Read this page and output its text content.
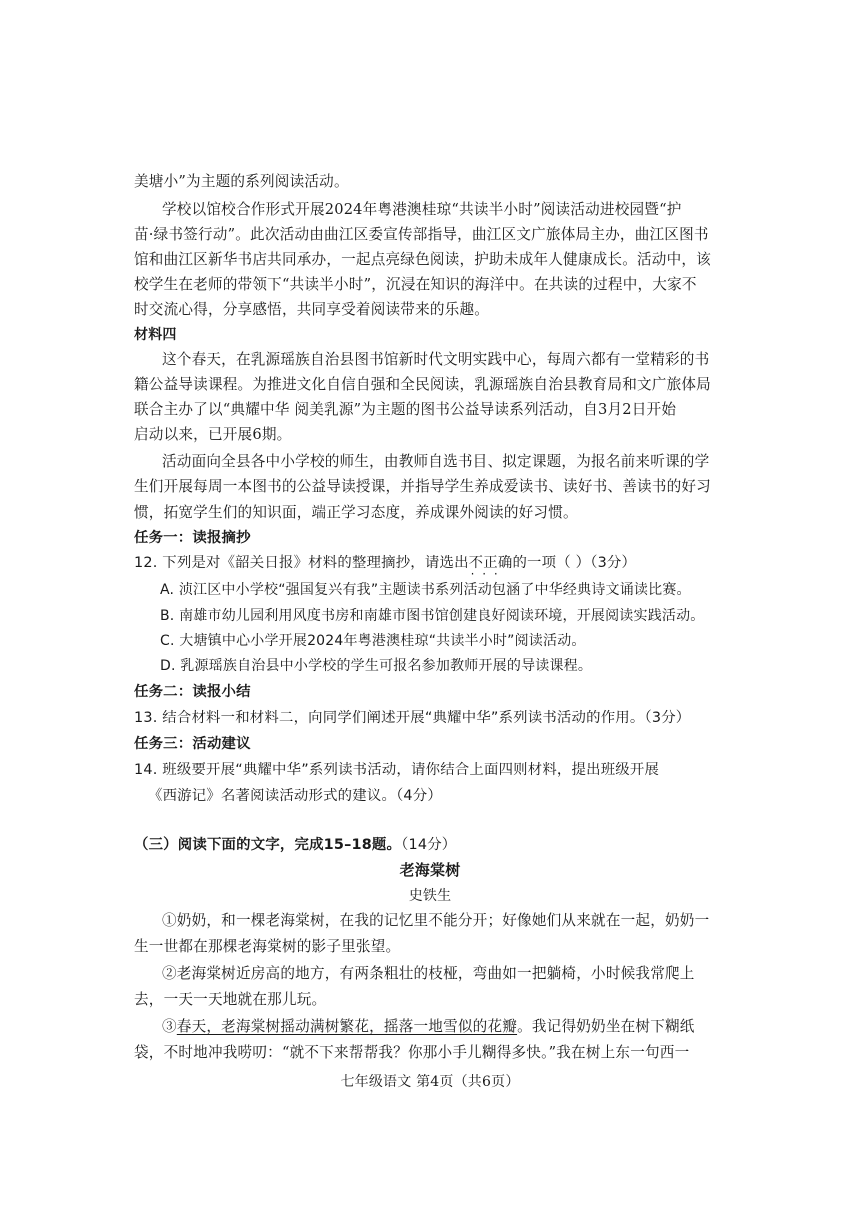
美塘小”为主题的系列阅读活动。
学校以馆校合作形式开展2024年粤港澳桂琼“共读半小时”阅读活动进校园暨“护
苗·绿书签行动”。此次活动由曲江区委宣传部指导，曲江区文广旅体局主办，曲江区图书
馆和曲江区新华书店共同承办，一起点亮绿色阅读，护助未成年人健康成长。活动中，该
校学生在老师的带领下“共读半小时”，沉浸在知识的海洋中。在共读的过程中，大家不
时交流心得，分享感悟，共同享受着阅读带来的乐趣。
材料四
这个春天，在乳源瑶族自治县图书馆新时代文明实践中心，每周六都有一堂精彩的书
籍公益导读课程。为推进文化自信自强和全民阅读，乳源瑶族自治县教育局和文广旅体局
联合主办了以“典耀中华 阅美乳源”为主题的图书公益导读系列活动，自3月2日开始
启动以来，已开展6期。
活动面向全县各中小学校的师生，由教师自选书目、拟定课题，为报名前来听课的学
生们开展每周一本图书的公益导读授课，并指导学生养成爱读书、读好书、善读书的好习
惯，拓宽学生们的知识面，端正学习态度，养成课外阅读的好习惯。
任务一：读报摘抄
12. 下列是对《韶关日报》材料的整理摘抄，请选出不正确 · · ·的一项（ ）（3分）
A. 浈江区中小学校“强国复兴有我”主题读书系列活动包涵了中华经典诗文诵读比赛。
B. 南雄市幼儿园利用风度书房和南雄市图书馆创建良好阅读环境，开展阅读实践活动。
C. 大塘镇中心小学开展2024年粤港澳桂琼“共读半小时”阅读活动。
D. 乳源瑶族自治县中小学校的学生可报名参加教师开展的导读课程。
任务二：读报小结
13. 结合材料一和材料二，向同学们阐述开展“典耀中华”系列读书活动的作用。（3分）
任务三：活动建议
14. 班级要开展“典耀中华”系列读书活动，请你结合上面四则材料，提出班级开展
《西游记》名著阅读活动形式的建议。（4分）
（三）阅读下面的文字，完成15–18题。（14分）
老海棠树
史铁生
①奶奶，和一棵老海棠树，在我的记忆里不能分开；好像她们从来就在一起，奶奶一
生一世都在那棵老海棠树的影子里张望。
②老海棠树近房高的地方，有两条粗壮的枝桠，弯曲如一把躺椅，小时候我常爬上
去，一天一天地就在那儿玩。
③春天，老海棠树摇动满树繁花，摇落一地雪似的花瓣。我记得奶奶坐在树下糊纸
袋，不时地冲我唠叨：“就不下来帮帮我？你那小手儿糊得多快。”我在树上东一句西一
七年级语文 第4页（共6页）
